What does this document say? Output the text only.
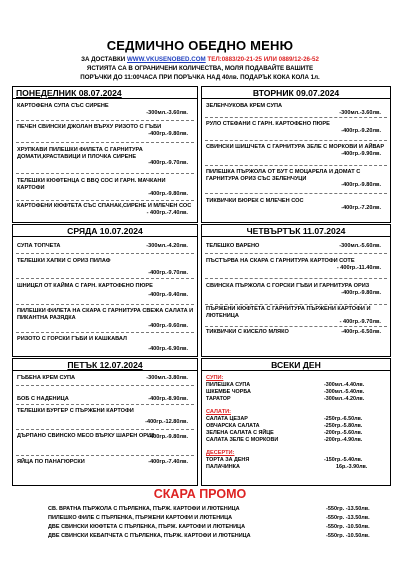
СЕДМИЧНО ОБЕДНО МЕНЮ
ЗА ДОСТАВКИ WWW.VKUSENOBED.COM ТЕЛ:0883/20-21-25 ИЛИ 0889/12-26-52
ЯСТИЯТА СА В ОГРАНИЧЕНИ КОЛИЧЕСТВА, МОЛЯ ПОДАВАЙТЕ ВАШИТЕ
ПОРЪЧКИ ДО 11:00ЧАСА ПРИ ПОРЪЧКА НАД 40лв. ПОДАРЪК КОКА КОЛА 1л.
ПОНЕДЕЛНИК 08.07.2024
КАРТОФЕНА СУПА СЪС СИРЕНЕ
-300мл.-3.60лв.
ПЕЧЕН СВИНСКИ ДЖОЛАН ВЪРХУ РИЗОТО С ГЪБИ
-400гр.-9.80лв.
ХРУПКАВИ ПИЛЕШКИ ФИЛЕТА С ГАРНИТУРА ДОМАТИ,КРАСТАВИЦИ И ПЛОЧКА СИРЕНЕ
-400гр.-9.70лв.
ТЕЛЕШКИ КЮФТЕНЦА С BBQ СОС И ГАРН. МАЧКАНИ КАРТОФИ
-400гр.-9.80лв.
КАРТОФЕНИ КЮФТЕТА СЪС СПАНАК,СИРЕНЕ И МЛЕЧЕН СОС
- 400гр.-7.40лв.
ВТОРНИК 09.07.2024
ЗЕЛЕНЧУКОВА КРЕМ СУПА
-300мл.-3.60лв.
РУЛО СТЕФАНИ С ГАРН. КАРТОФЕНО ПЮРЕ
-400гр.-9.20лв.
СВИНСКИ ШИШЧЕТА С ГАРНИТУРА ЗЕЛЕ С МОРКОВИ И АЙВАР
-400гр.-9.90лв.
ПИЛЕШКА ПЪРЖОЛА ОТ БУТ С МОЦАРЕЛА И ДОМАТ С ГАРНИТУРА ОРИЗ СЪС ЗЕЛЕНЧУЦИ
-400гр.-9.80лв.
ТИКВИЧКИ БЮРЕК С МЛЕЧЕН СОС
-400гр.-7.20лв.
СРЯДА 10.07.2024
СУПА ТОПЧЕТА	-300мл.-4.20лв.
ТЕЛЕШКИ ХАПКИ С ОРИЗ ПИЛАФ
-400гр.-9.70лв.
ШНИЦЕЛ ОТ КАЙМА С ГАРН. КАРТОФЕНО ПЮРЕ
-400гр.-9.40лв.
ПИЛЕШКИ ФИЛЕТА НА СКАРА С ГАРНИТУРА СВЕЖА САЛАТА И ПИКАНТНА РАЗЯДКА
-400гр.-9.60лв.
РИЗОТО С ГОРСКИ ГЪБИ И КАШКАВАЛ
-400гр.-6.90лв.
ЧЕТВЪРТЪК 11.07.2024
ТЕЛЕШКО ВАРЕНО	-300мл.-5.60лв.
ПЪСТЪРВА НА СКАРА С ГАРНИТУРА КАРТОФИ СОТЕ
- 400гр.-11.40лв.
СВИНСКА ПЪРЖОЛА С ГОРСКИ ГЪБИ И ГАРНИТУРА ОРИЗ
-400гр.-9.80лв.
ПЪРЖЕНИ КЮФТЕТА С ГАРНИТУРА ПЪРЖЕНИ КАРТОФИ И ЛЮТЕНИЦА
- 400гр.-9.70лв.
ТИКВИЧКИ С КИСЕЛО МЛЯКО	-400гр.-6.50лв.
ПЕТЪК 12.07.2024
ГЪБЕНА КРЕМ СУПА	-300мл.-3.80лв.
БОБ С НАДЕНИЦА	-400гр.-8.90лв.
ТЕЛЕШКИ БУРГЕР С ПЪРЖЕНИ КАРТОФИ
-400гр.-12.80лв.
ДЪРПАНО СВИНСКО МЕСО ВЪРХУ ШАРЕН ОРИЗ
-400гр.-9.80лв.
ЯЙЦА ПО ПАНАГЮРСКИ	-400гр.-7.40лв.
ВСЕКИ ДЕН
СУПИ:
ПИЛЕШКА СУПА	-300мл.-4.40лв.
ШКЕМБЕ ЧОРБА	-300мл.-5.40лв.
ТАРАТОР	-300мл.-4.20лв.
САЛАТИ:
САЛАТА ЦЕЗАР	-250гр.-6.50лв.
ОВЧАРСКА САЛАТА	-250гр.-5.80лв.
ЗЕЛЕНА САЛАТА С ЯЙЦЕ	-200гр.-5.60лв.
САЛАТА ЗЕЛЕ С МОРКОВИ	-200гр.-4.90лв.
ДЕСЕРТИ:
ТОРТА ЗА ДЕНЯ	-150гр.-5.40лв.
ПАЛАЧИНКА	16р.-3.90лв.
СКАРА ПРОМО
СВ. ВРАТНА ПЪРЖОЛА С ПЪРЛЕНКА, ПЪРЖ. КАРТОФИ И ЛЮТЕНИЦА	-550гр. -13.50лв.
ПИЛЕШКО ФИЛЕ С ПЪРЛЕНКА, ПЪРЖЕНИ КАРТОФИ И ЛЮТЕНИЦА	-550гр. -13.50лв.
ДВЕ СВИНСКИ КЮФТЕТА С ПЪРЛЕНКА, ПЪРЖ. КАРТОФИ И ЛЮТЕНИЦА	-550гр. -10.50лв.
ДВЕ СВИНСКИ КЕБАПЧЕТА С ПЪРЛЕНКА, ПЪРЖ. КАРТОФИ И ЛЮТЕНИЦА	-550гр. -10.50лв.
